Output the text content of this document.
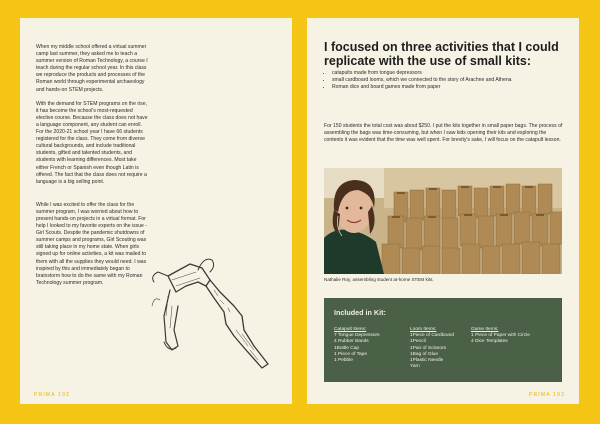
When my middle school offered a virtual summer camp last summer, they asked me to teach a summer version of Roman Technology, a course I teach during the regular school year. In this class we reproduce the products and processes of the Roman world through experimental archaeology and hands-on STEM projects.

With the demand for STEM programs on the rise, it has become the school's most-requested elective course. Because the class does not have a language component, any student can enroll. For the 2020-21 school year I have 66 students registered for the class. They come from diverse cultural backgrounds, and include traditional students, gifted and talented students, and students with learning differences. Most take either French or Spanish even though Latin is offered. The fact that the class does not require a language is a big selling point.

While I was excited to offer the class for the summer program, I was worried about how to present hands-on projects in a virtual format. For help I looked to my favorite experts on the issue - Girl Scouts. Despite the pandemic shutdowns of summer camps and programs, Girl Scouting was still taking place in my home state. When girls signed up for online activities, a kit was mailed to them with all the supplies they would need. I was inspired by this and immediately began to brainstorm how to do the same with my Roman Technology summer program.

PRIMA 192
I focused on three activities that I could replicate with the use of small kits:
• catapults made from tongue depressors
• small cardboard looms, which we connected to the story of Arachne and Athena
• Roman dice and board games made from paper

For 150 students the total cost was about $250. I put the kits together in small paper bags. The process of assembling the bags was time-consuming, but when I saw kids opening their kits and exploring the contents it was evident that the time was well spent. For brevity's sake, I will focus on the catapult lesson.

Nathalie Roy, assembling student at-home STEM kits.

Included in Kit:
Catapult Items:
7 Tongue Depressors
4 Rubber Bands
1Bottle Cap
1 Piece of Tape
1 Pebble
Loom Items:
1Piece of Cardboard
1Pencil
1Pair of Scissors
1Bag of Glue
1Plastic Needle
Yarn
Game Items:
1 Piece of Paper with Circle
4 Dice Templates
PRIMA 193
